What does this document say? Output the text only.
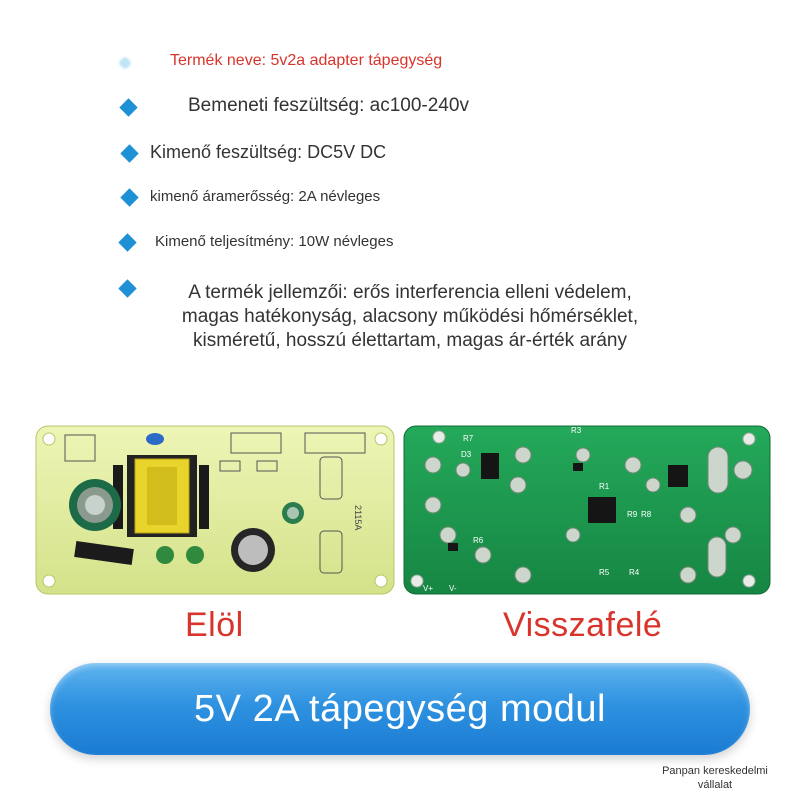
Termék neve: 5v2a adapter tápegység
Bemeneti feszültség: ac100-240v
Kimenő feszültség: DC5V DC
kimenő áramerősség: 2A névleges
Kimenő teljesítmény: 10W névleges
A termék jellemzői: erős interferencia elleni védelem,
magas hatékonyság, alacsony működési hőmérséklet,
kisméretű, hosszú élettartam, magas ár-érték arány
2115A
R7
D3
R6
R3
R1
R9 R8
R5 R4
V+ V-
Elöl	Visszafelé
5V 2A tápegység modul
Panpan kereskedelmi
vállalat
